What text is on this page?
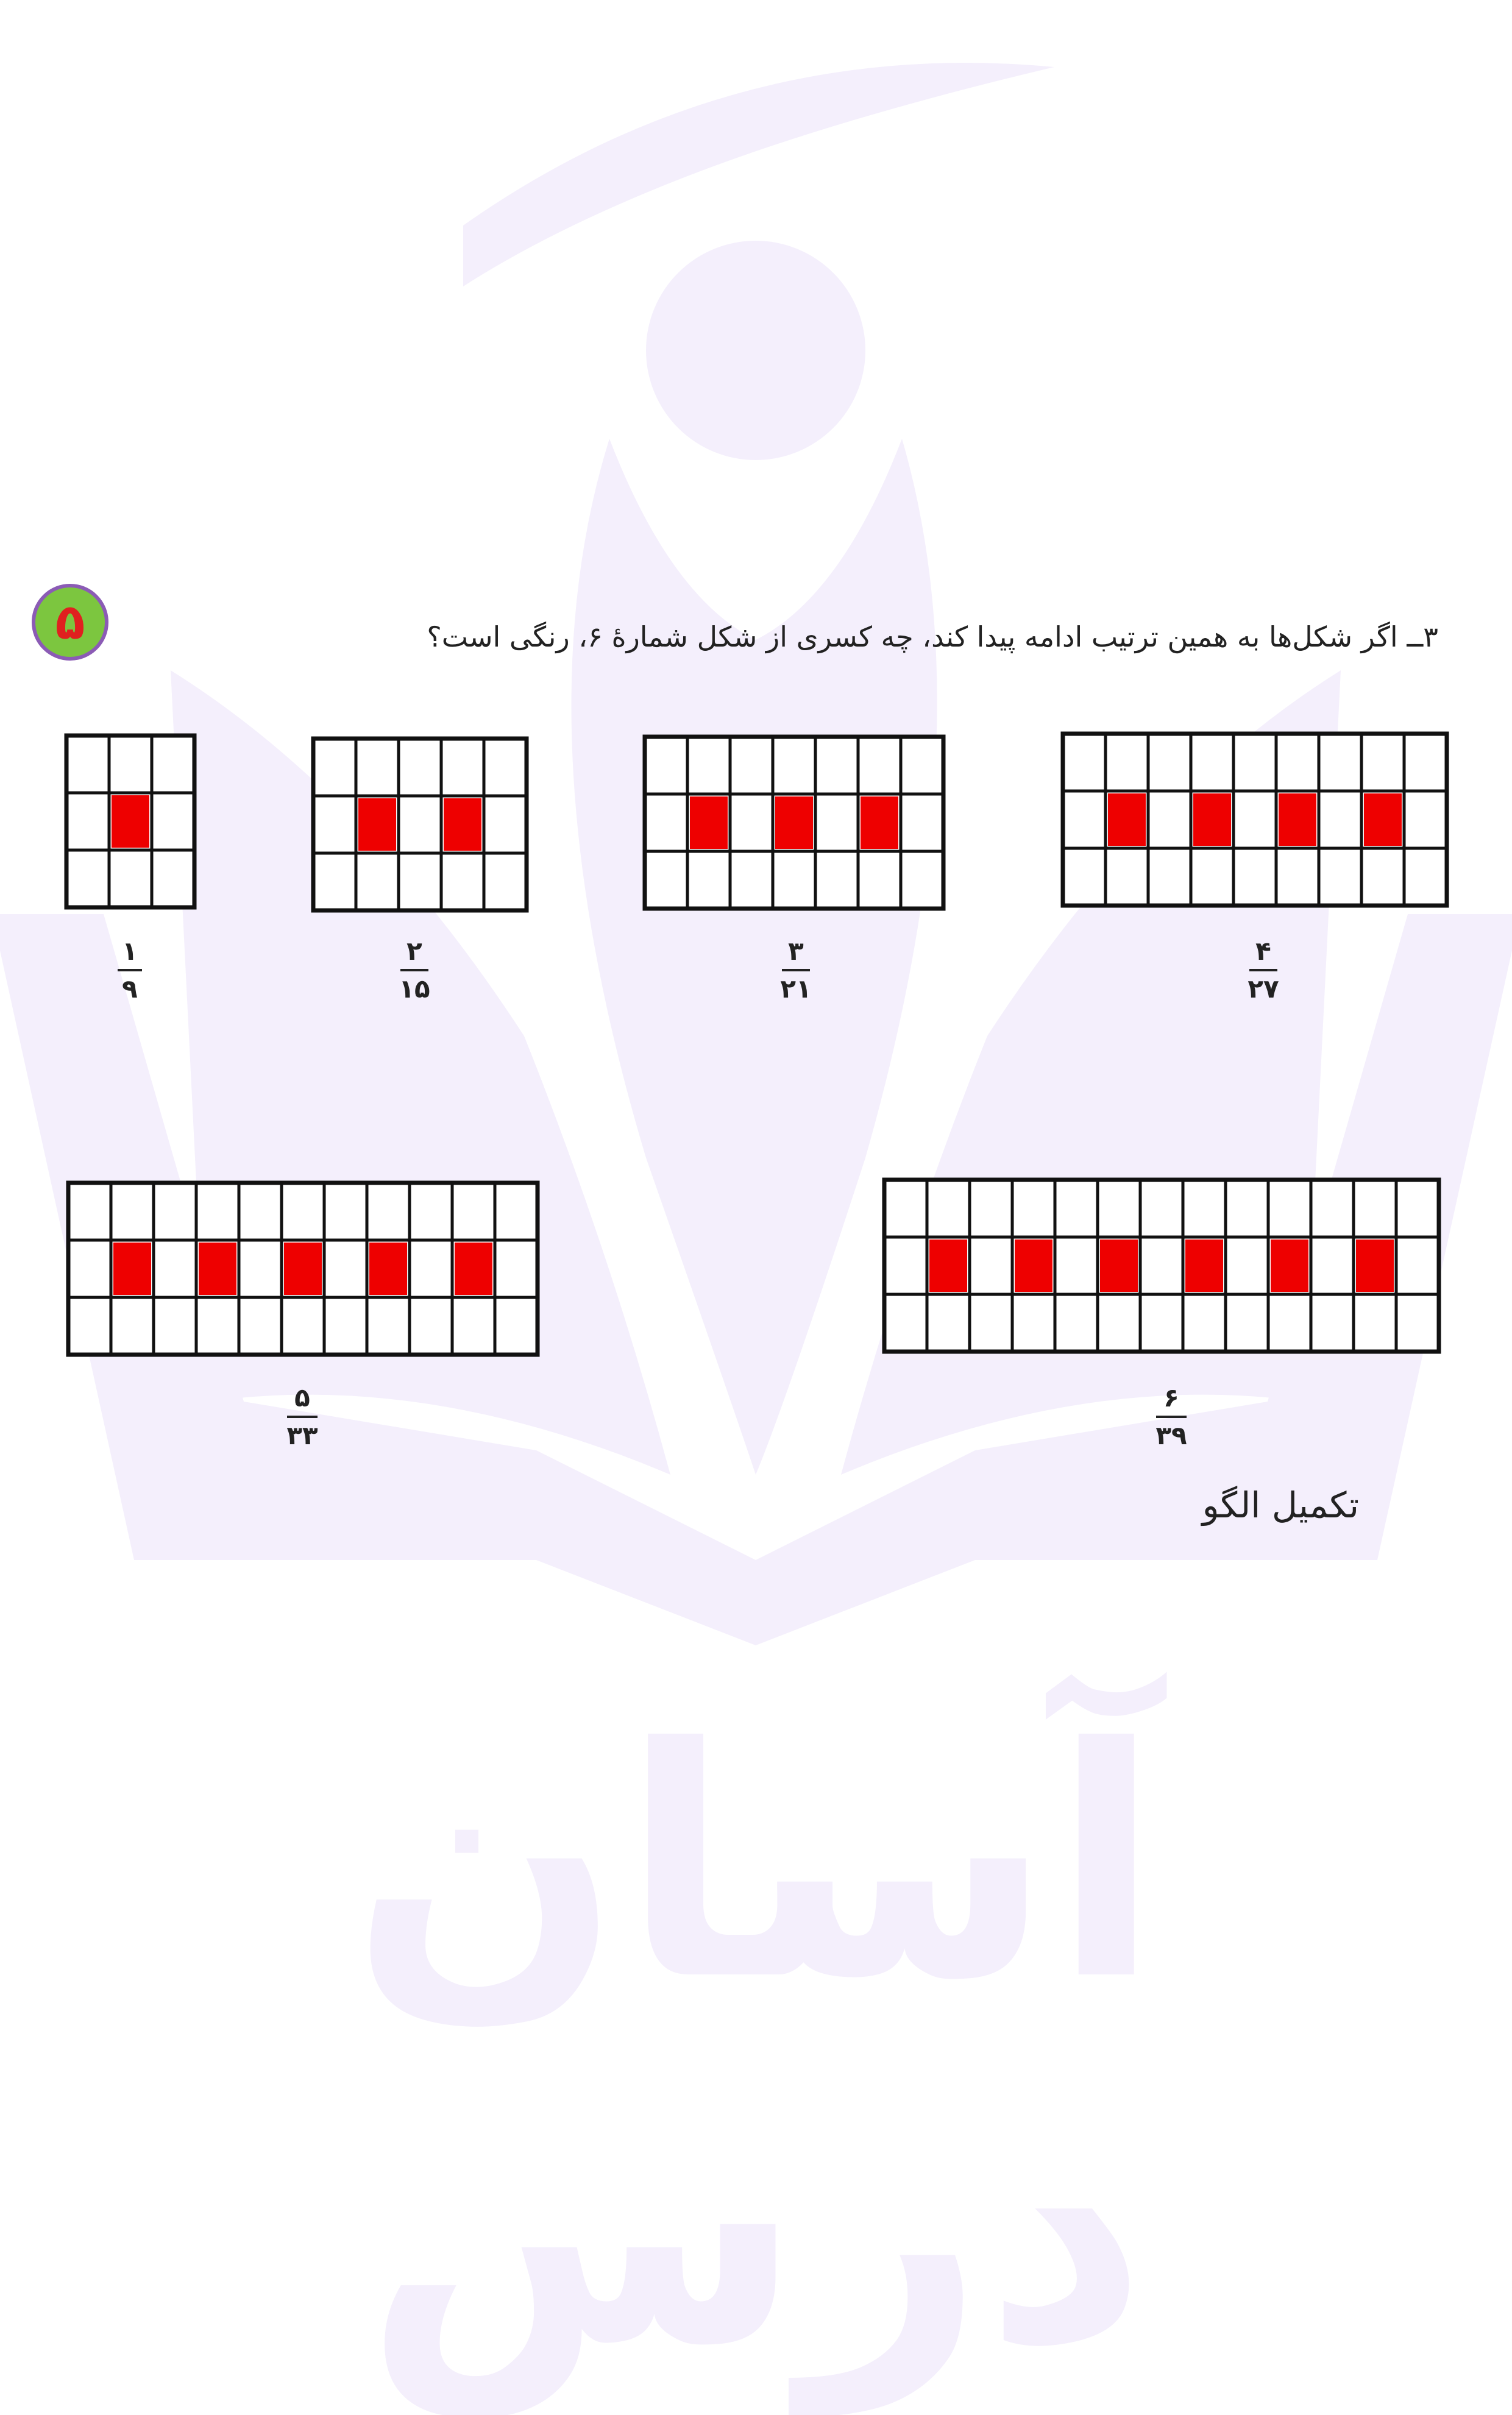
آسان درس
۵	۳ــ اگر شکل‌ها به همین ترتیب ادامه پیدا کند، چه کسری از شکل شمارهٔ ۶، رنگی است؟
۱
۹
۲
۱۵
۳
۲۱
۴
۲۷
۵
۳۳
۶
۳۹
تکمیل الگو
